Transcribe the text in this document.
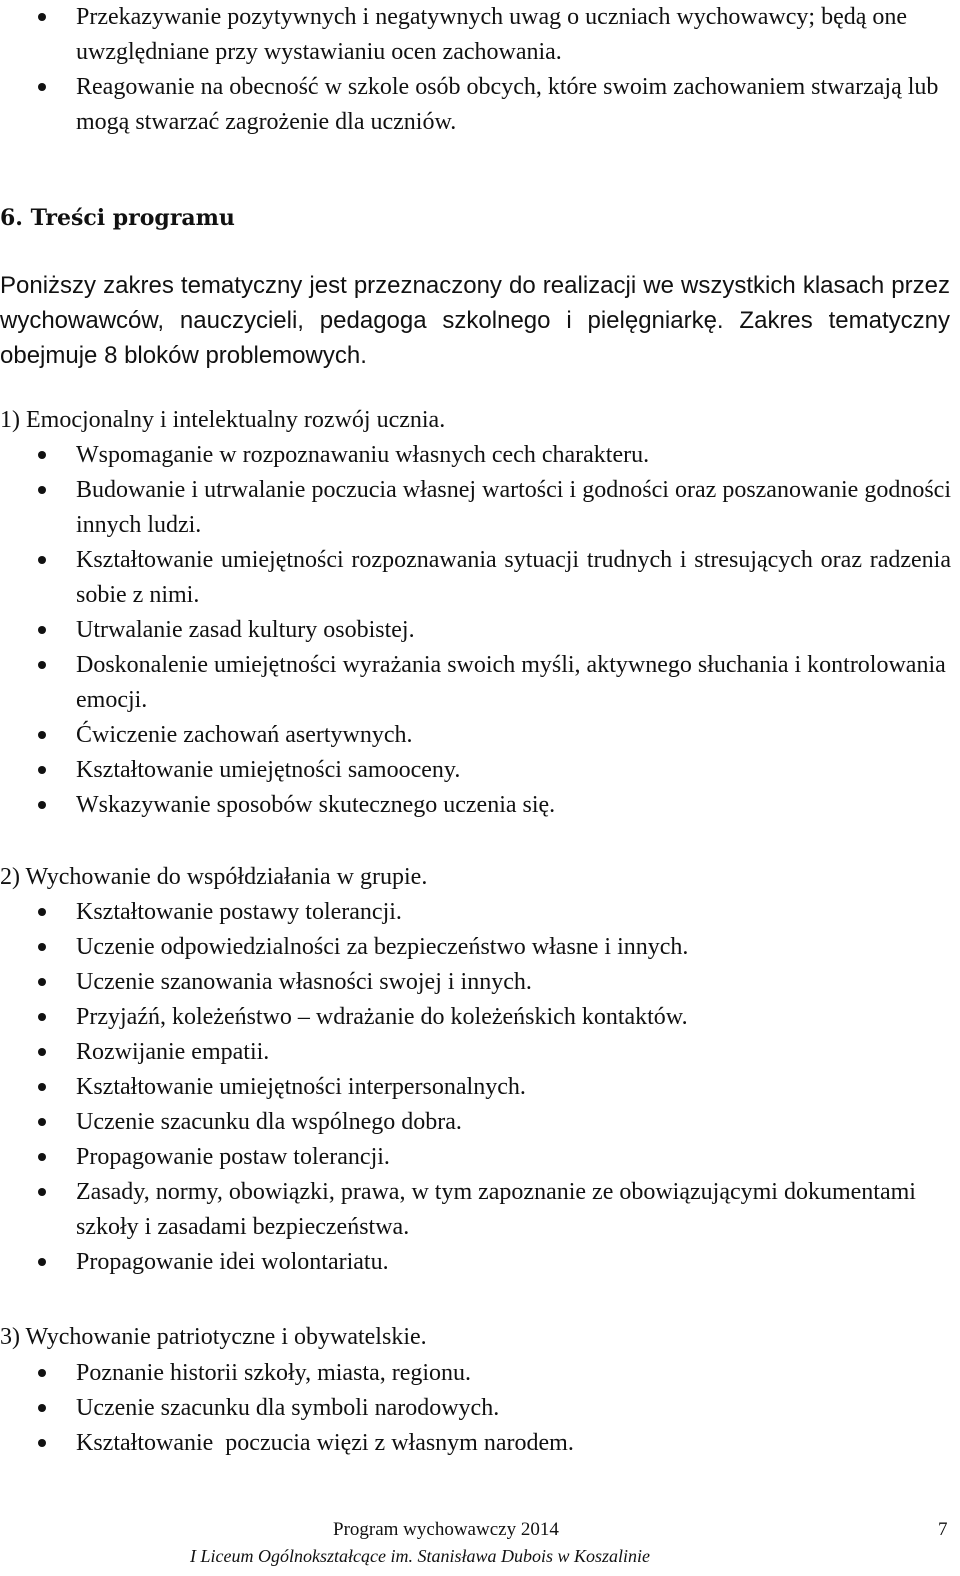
Przekazywanie pozytywnych i negatywnych uwag o uczniach wychowawcy; będą one uwzględniane przy wystawianiu ocen zachowania.
Reagowanie na obecność w szkole osób obcych, które swoim zachowaniem stwarzają lub mogą stwarzać zagrożenie dla uczniów.
6. Treści programu

Poniższy zakres tematyczny jest przeznaczony do realizacji we wszystkich klasach przez wychowawców, nauczycieli, pedagoga szkolnego i pielęgniarkę. Zakres tematyczny obejmuje 8 bloków problemowych.

1) Emocjonalny i intelektualny rozwój ucznia.
Wspomaganie w rozpoznawaniu własnych cech charakteru.
Budowanie i utrwalanie poczucia własnej wartości i godności oraz poszanowanie godności innych ludzi.
Kształtowanie umiejętności rozpoznawania sytuacji trudnych i stresujących oraz radzenia sobie z nimi.
Utrwalanie zasad kultury osobistej.
Doskonalenie umiejętności wyrażania swoich myśli, aktywnego słuchania i kontrolowania emocji.
Ćwiczenie zachowań asertywnych.
Kształtowanie umiejętności samooceny.
Wskazywanie sposobów skutecznego uczenia się.
2) Wychowanie do współdziałania w grupie.
Kształtowanie postawy tolerancji.
Uczenie odpowiedzialności za bezpieczeństwo własne i innych.
Uczenie szanowania własności swojej i innych.
Przyjaźń, koleżeństwo – wdrażanie do koleżeńskich kontaktów.
Rozwijanie empatii.
Kształtowanie umiejętności interpersonalnych.
Uczenie szacunku dla wspólnego dobra.
Propagowanie postaw tolerancji.
Zasady, normy, obowiązki, prawa, w tym zapoznanie ze obowiązującymi dokumentami szkoły i zasadami bezpieczeństwa.
Propagowanie idei wolontariatu.
3) Wychowanie patriotyczne i obywatelskie.
Poznanie historii szkoły, miasta, regionu.
Uczenie szacunku dla symboli narodowych.
Kształtowanie  poczucia więzi z własnym narodem.
Program wychowawczy 2014	7
I Liceum Ogólnokształcące im. Stanisława Dubois w Koszalinie
